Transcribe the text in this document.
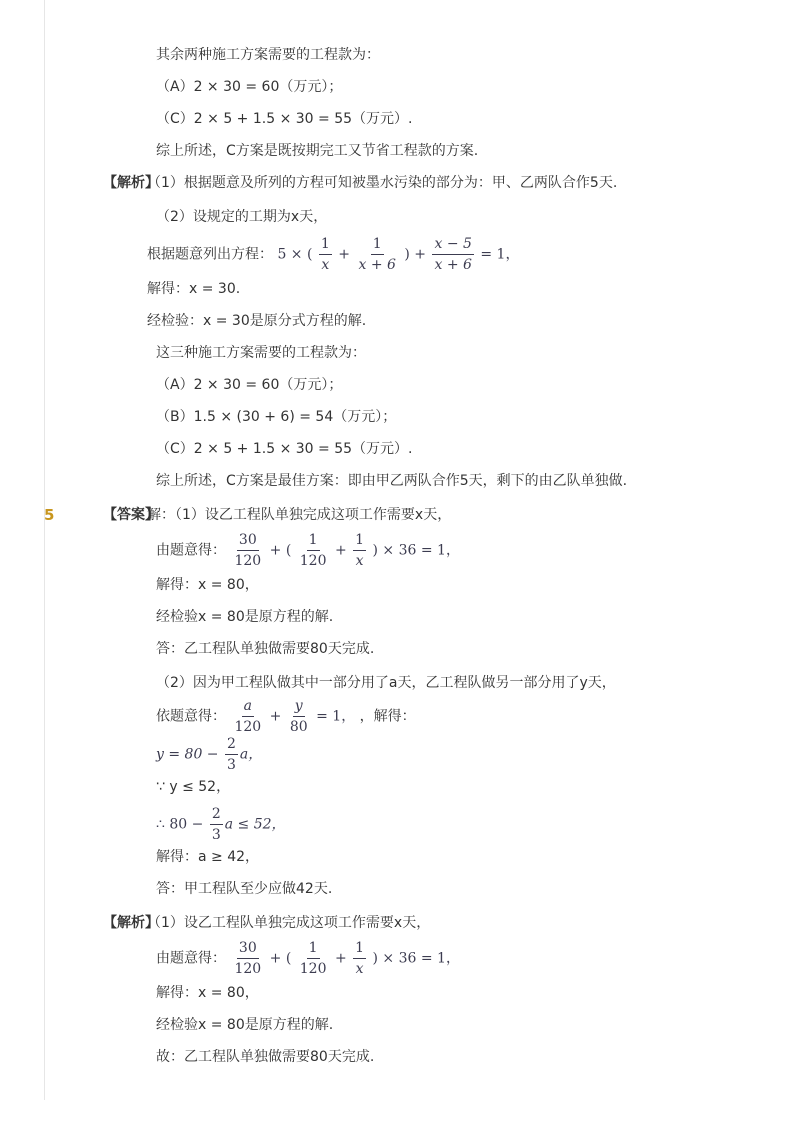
其余两种施工方案需要的工程款为：
（A）2 × 30 = 60（万元）；
（C）2 × 5 + 1.5 × 30 = 55（万元）.
综上所述，C方案是既按期完工又节省工程款的方案.
【解析】
（1）根据题意及所列的方程可知被墨水污染的部分为：甲、乙两队合作5天.
（2）设规定的工期为x天，
根据题意列出方程： 5 × ( $\frac{1}{x} + \frac{1}{x + 6}$ ) + $\frac{x - 5}{x + 6} = 1$，
解得：x = 30.
经检验：x = 30是原分式方程的解.
这三种施工方案需要的工程款为：
（A）2 × 30 = 60（万元）；
（B）1.5 × (30 + 6) = 54（万元）；
（C）2 × 5 + 1.5 × 30 = 55（万元）.
综上所述，C方案是最佳方案：即由甲乙两队合作5天，剩下的由乙队单独做.
5	【答案】
解：（1）设乙工程队单独完成这项工作需要x天，
由题意得： $\frac{30}{120}$ + ( $\frac{1}{120} + \frac{1}{x}$ ) × 36 = 1，
解得：x = 80，
经检验x = 80是原方程的解.
答：乙工程队单独做需要80天完成.
（2）因为甲工程队做其中一部分用了a天，乙工程队做另一部分用了y天，
依题意得： $\frac{a}{120} + \frac{y}{80} = 1$， ，解得：
$y = 80 - \frac{2}{3}$ a，
∵ y ≤ 52，
∴ $80 - \frac{2}{3}$ a ≤ 52，
解得：a ≥ 42，
答：甲工程队至少应做42天.
【解析】
（1）设乙工程队单独完成这项工作需要x天，
由题意得： $\frac{30}{120}$ + ( $\frac{1}{120} + \frac{1}{x}$ ) × 36 = 1，
解得：x = 80，
经检验x = 80是原方程的解.
故：乙工程队单独做需要80天完成.
